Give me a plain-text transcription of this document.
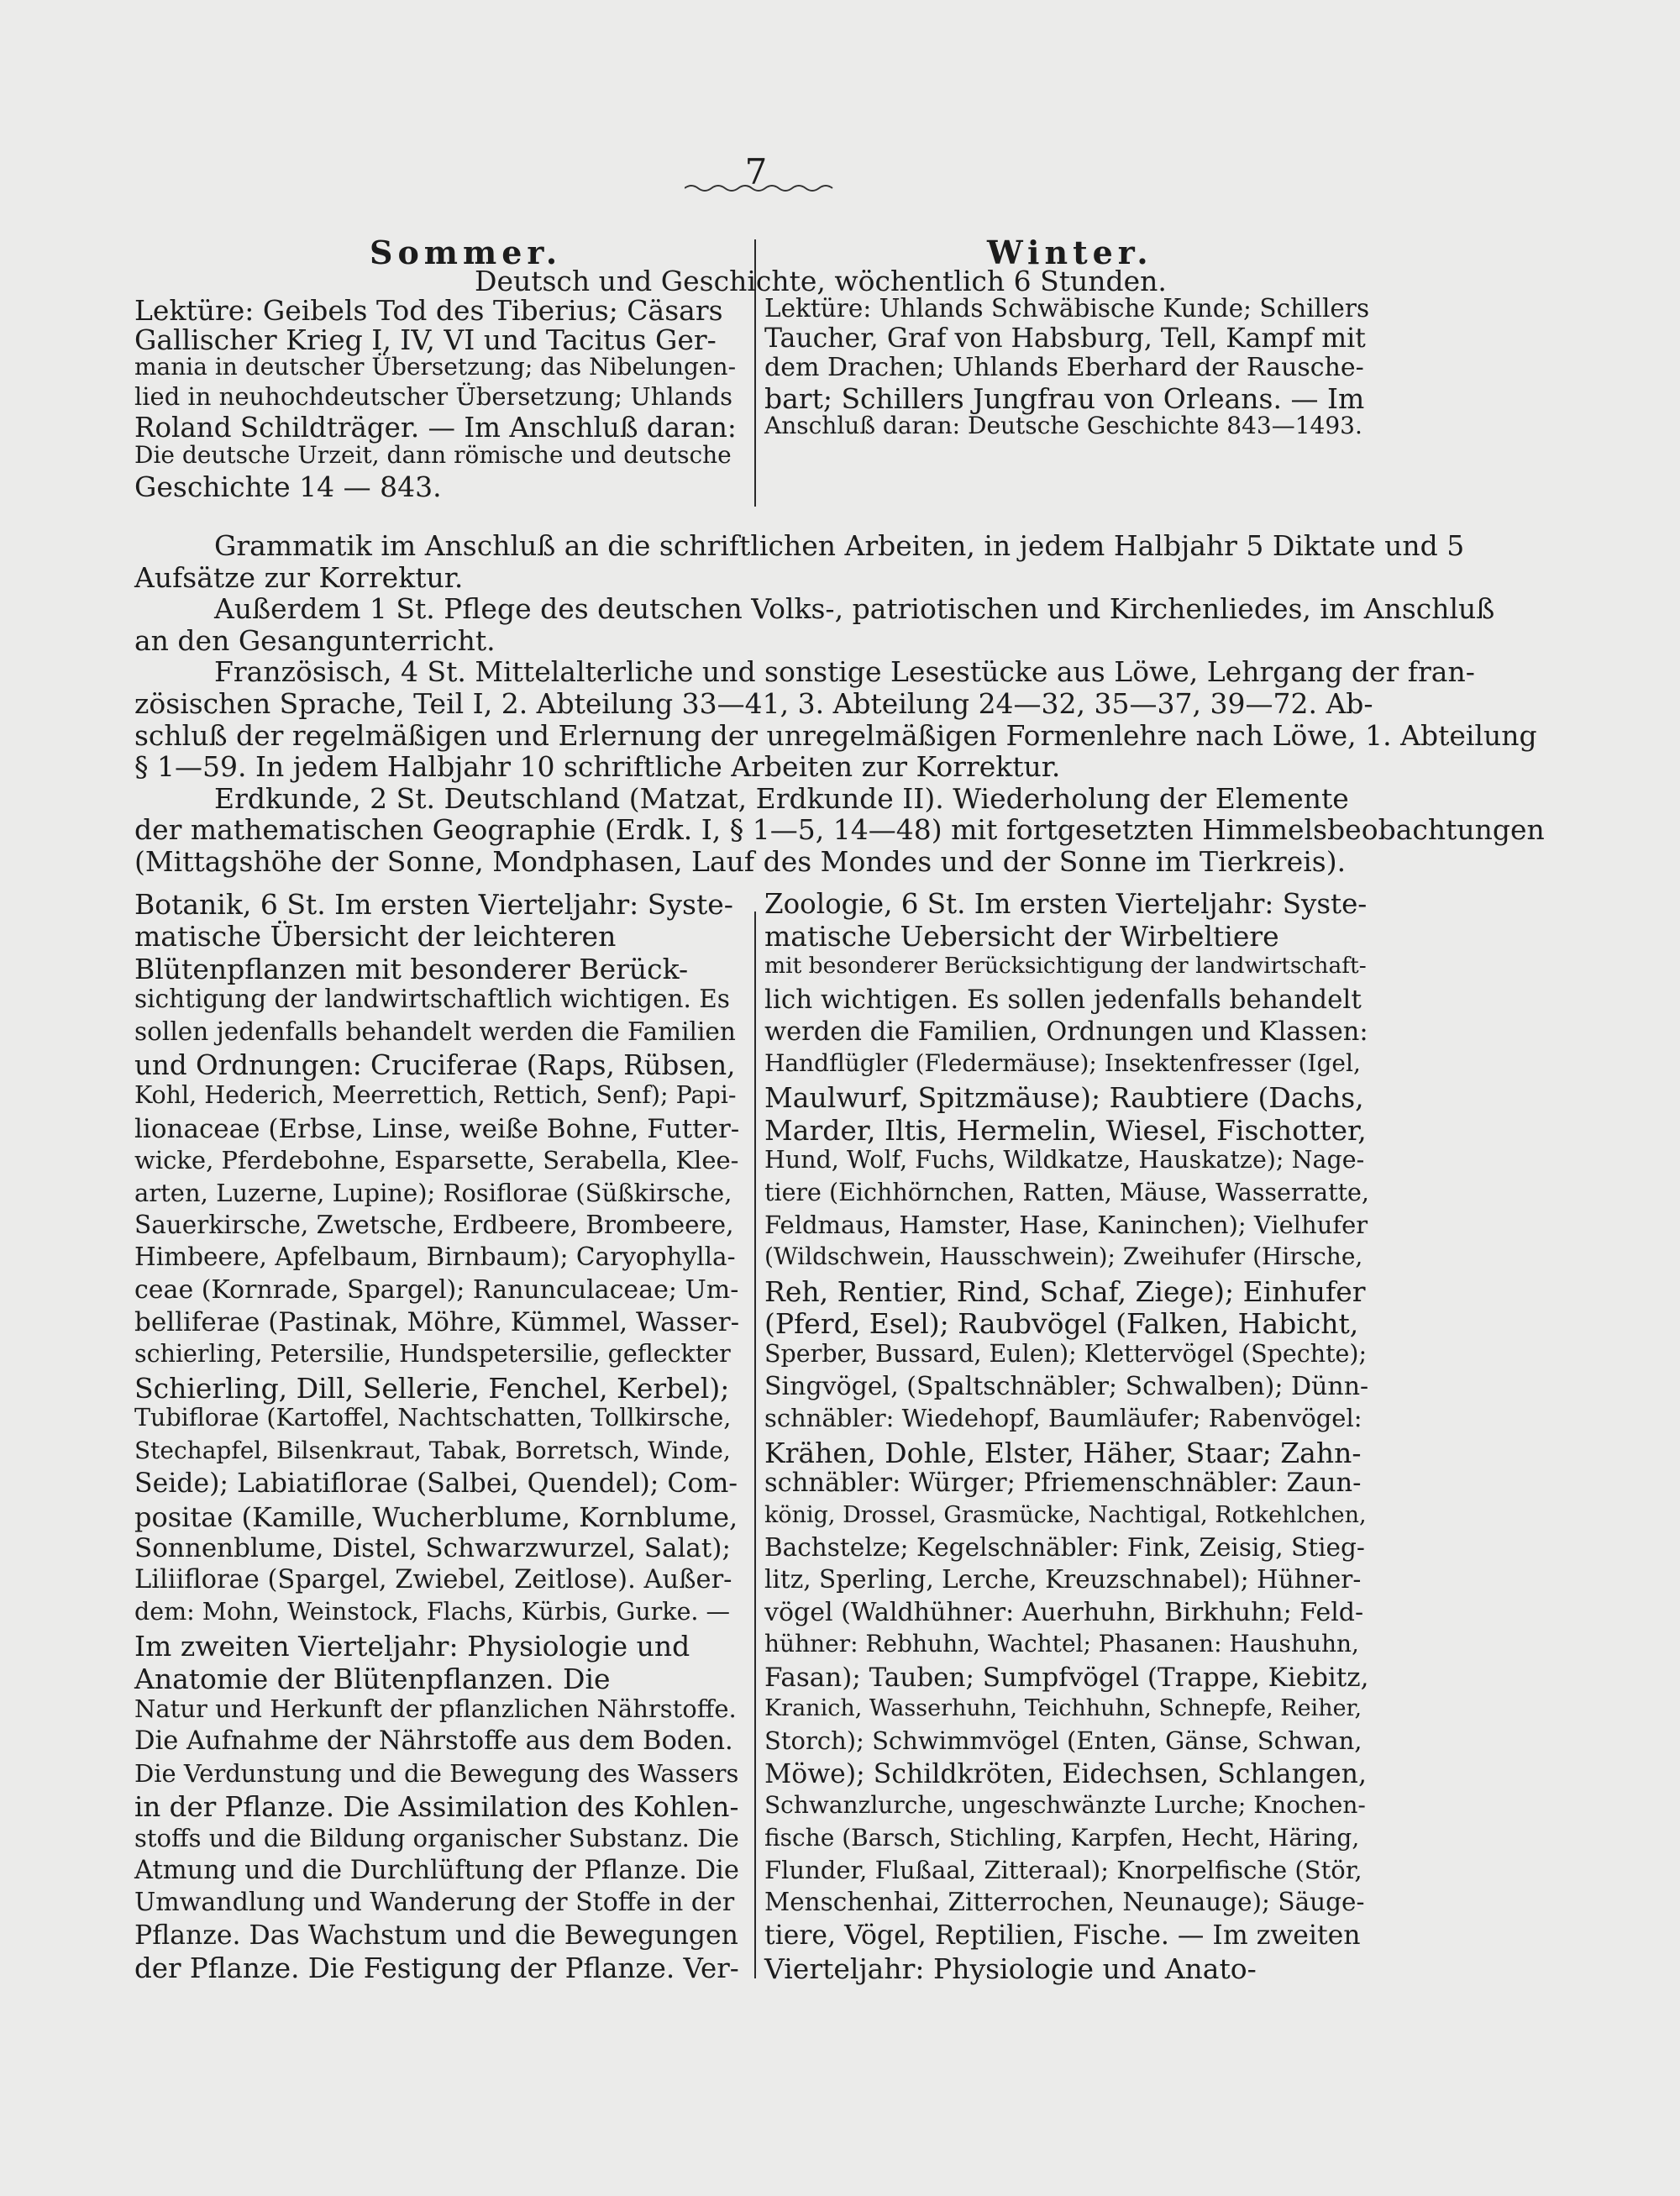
7
Sommer.	Winter.
Deutsch und Geschichte, wöchentlich 6 Stunden.
Lektüre: Geibels Tod des Tiberius; Cäsars
Gallischer Krieg I, IV, VI und Tacitus Ger-
mania in deutscher Übersetzung; das Nibelungen-
lied in neuhochdeutscher Übersetzung; Uhlands
Roland Schildträger. — Im Anschluß daran:
Die deutsche Urzeit, dann römische und deutsche
Geschichte 14 — 843.
Lektüre: Uhlands Schwäbische Kunde; Schillers
Taucher, Graf von Habsburg, Tell, Kampf mit
dem Drachen; Uhlands Eberhard der Rausche-
bart; Schillers Jungfrau von Orleans. — Im
Anschluß daran: Deutsche Geschichte 843—1493.
Grammatik im Anschluß an die schriftlichen Arbeiten, in jedem Halbjahr 5 Diktate und 5
Aufsätze zur Korrektur.
Außerdem 1 St. Pflege des deutschen Volks-, patriotischen und Kirchenliedes, im Anschluß
an den Gesangunterricht.
Französisch, 4 St. Mittelalterliche und sonstige Lesestücke aus Löwe, Lehrgang der fran-
zösischen Sprache, Teil I, 2. Abteilung 33—41, 3. Abteilung 24—32, 35—37, 39—72. Ab-
schluß der regelmäßigen und Erlernung der unregelmäßigen Formenlehre nach Löwe, 1. Abteilung
§ 1—59. In jedem Halbjahr 10 schriftliche Arbeiten zur Korrektur.
Erdkunde, 2 St. Deutschland (Matzat, Erdkunde II). Wiederholung der Elemente
der mathematischen Geographie (Erdk. I, § 1—5, 14—48) mit fortgesetzten Himmelsbeobachtungen
(Mittagshöhe der Sonne, Mondphasen, Lauf des Mondes und der Sonne im Tierkreis).
Botanik, 6 St. Im ersten Vierteljahr: Syste-
matische Übersicht der leichteren
Blütenpflanzen mit besonderer Berück-
sichtigung der landwirtschaftlich wichtigen. Es
sollen jedenfalls behandelt werden die Familien
und Ordnungen: Cruciferae (Raps, Rübsen,
Kohl, Hederich, Meerrettich, Rettich, Senf); Papi-
lionaceae (Erbse, Linse, weiße Bohne, Futter-
wicke, Pferdebohne, Esparsette, Serabella, Klee-
arten, Luzerne, Lupine); Rosiflorae (Süßkirsche,
Sauerkirsche, Zwetsche, Erdbeere, Brombeere,
Himbeere, Apfelbaum, Birnbaum); Caryophylla-
ceae (Kornrade, Spargel); Ranunculaceae; Um-
belliferae (Pastinak, Möhre, Kümmel, Wasser-
schierling, Petersilie, Hundspetersilie, gefleckter
Schierling, Dill, Sellerie, Fenchel, Kerbel);
Tubiflorae (Kartoffel, Nachtschatten, Tollkirsche,
Stechapfel, Bilsenkraut, Tabak, Borretsch, Winde,
Seide); Labiatiflorae (Salbei, Quendel); Com-
positae (Kamille, Wucherblume, Kornblume,
Sonnenblume, Distel, Schwarzwurzel, Salat);
Liliiflorae (Spargel, Zwiebel, Zeitlose). Außer-
dem: Mohn, Weinstock, Flachs, Kürbis, Gurke. —
Im zweiten Vierteljahr: Physiologie und
Anatomie der Blütenpflanzen. Die
Natur und Herkunft der pflanzlichen Nährstoffe.
Die Aufnahme der Nährstoffe aus dem Boden.
Die Verdunstung und die Bewegung des Wassers
in der Pflanze. Die Assimilation des Kohlen-
stoffs und die Bildung organischer Substanz. Die
Atmung und die Durchlüftung der Pflanze. Die
Umwandlung und Wanderung der Stoffe in der
Pflanze. Das Wachstum und die Bewegungen
der Pflanze. Die Festigung der Pflanze. Ver-
Zoologie, 6 St. Im ersten Vierteljahr: Syste-
matische Uebersicht der Wirbeltiere
mit besonderer Berücksichtigung der landwirtschaft-
lich wichtigen. Es sollen jedenfalls behandelt
werden die Familien, Ordnungen und Klassen:
Handflügler (Fledermäuse); Insektenfresser (Igel,
Maulwurf, Spitzmäuse); Raubtiere (Dachs,
Marder, Iltis, Hermelin, Wiesel, Fischotter,
Hund, Wolf, Fuchs, Wildkatze, Hauskatze); Nage-
tiere (Eichhörnchen, Ratten, Mäuse, Wasserratte,
Feldmaus, Hamster, Hase, Kaninchen); Vielhufer
(Wildschwein, Hausschwein); Zweihufer (Hirsche,
Reh, Rentier, Rind, Schaf, Ziege); Einhufer
(Pferd, Esel); Raubvögel (Falken, Habicht,
Sperber, Bussard, Eulen); Klettervögel (Spechte);
Singvögel, (Spaltschnäbler; Schwalben); Dünn-
schnäbler: Wiedehopf, Baumläufer; Rabenvögel:
Krähen, Dohle, Elster, Häher, Staar; Zahn-
schnäbler: Würger; Pfriemenschnäbler: Zaun-
könig, Drossel, Grasmücke, Nachtigal, Rotkehlchen,
Bachstelze; Kegelschnäbler: Fink, Zeisig, Stieg-
litz, Sperling, Lerche, Kreuzschnabel); Hühner-
vögel (Waldhühner: Auerhuhn, Birkhuhn; Feld-
hühner: Rebhuhn, Wachtel; Phasanen: Haushuhn,
Fasan); Tauben; Sumpfvögel (Trappe, Kiebitz,
Kranich, Wasserhuhn, Teichhuhn, Schnepfe, Reiher,
Storch); Schwimmvögel (Enten, Gänse, Schwan,
Möwe); Schildkröten, Eidechsen, Schlangen,
Schwanzlurche, ungeschwänzte Lurche; Knochen-
fische (Barsch, Stichling, Karpfen, Hecht, Häring,
Flunder, Flußaal, Zitteraal); Knorpelfische (Stör,
Menschenhai, Zitterrochen, Neunauge); Säuge-
tiere, Vögel, Reptilien, Fische. — Im zweiten
Vierteljahr: Physiologie und Anato-
